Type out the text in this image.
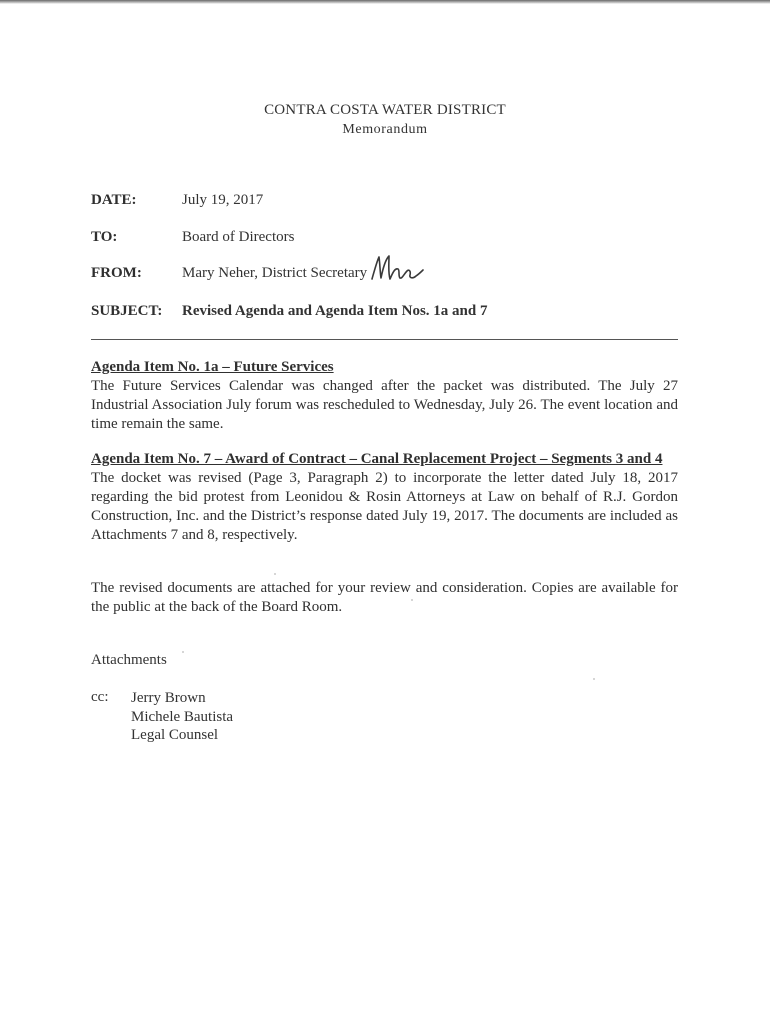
CONTRA COSTA WATER DISTRICT
Memorandum
DATE:	July 19, 2017
TO:	Board of Directors
FROM:	Mary Neher, District Secretary
SUBJECT: Revised Agenda and Agenda Item Nos. 1a and 7
Agenda Item No. 1a – Future Services
The Future Services Calendar was changed after the packet was distributed. The July 27 Industrial Association July forum was rescheduled to Wednesday, July 26. The event location and time remain the same.
Agenda Item No. 7 – Award of Contract – Canal Replacement Project – Segments 3 and 4
The docket was revised (Page 3, Paragraph 2) to incorporate the letter dated July 18, 2017 regarding the bid protest from Leonidou & Rosin Attorneys at Law on behalf of R.J. Gordon Construction, Inc. and the District’s response dated July 19, 2017. The documents are included as Attachments 7 and 8, respectively.
The revised documents are attached for your review and consideration. Copies are available for the public at the back of the Board Room.
Attachments
cc: Jerry Brown
Michele Bautista
Legal Counsel
